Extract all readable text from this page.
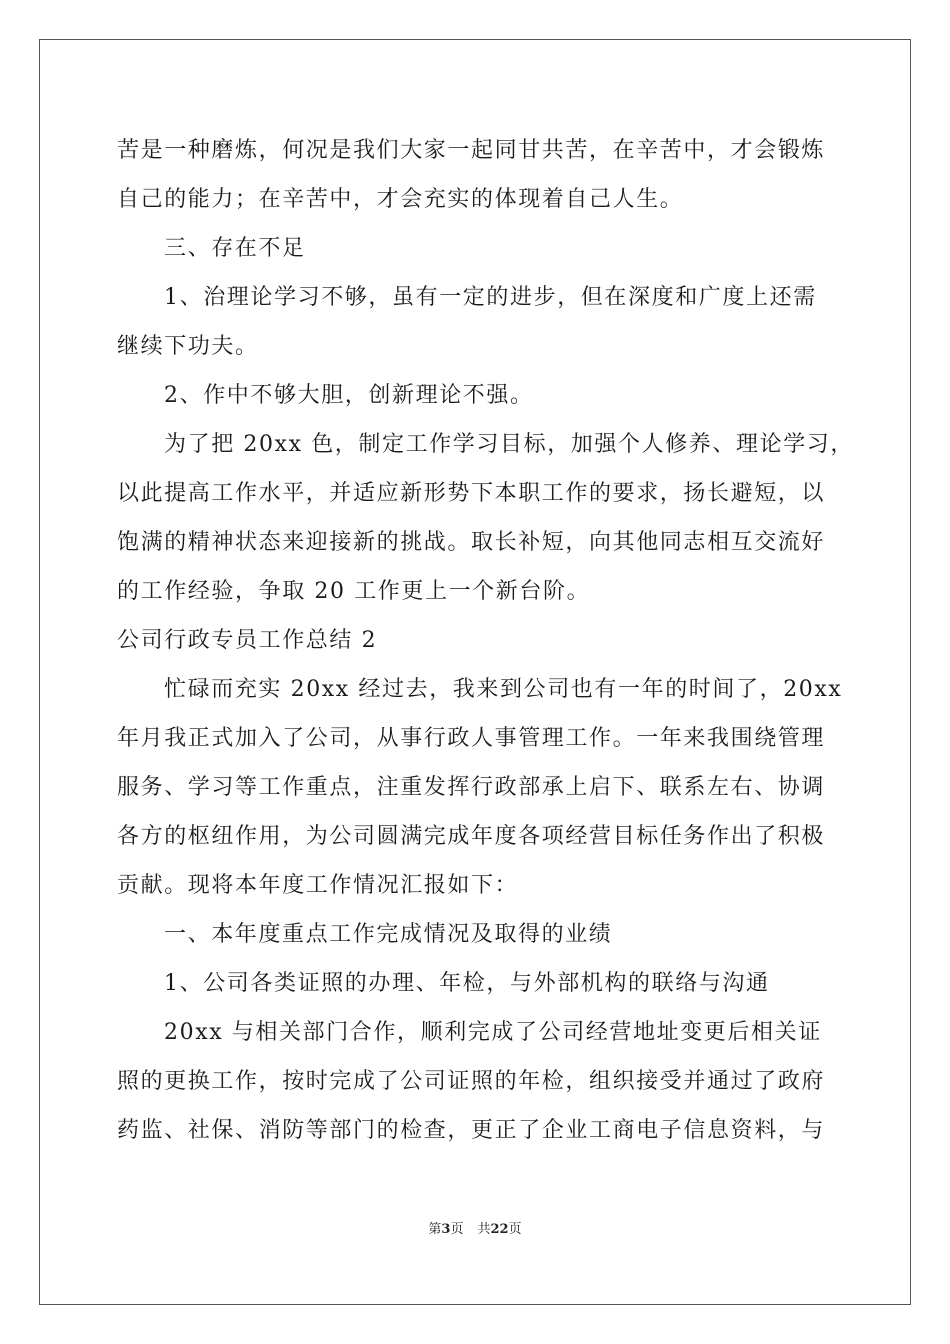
苦是一种磨炼，何况是我们大家一起同甘共苦，在辛苦中，才会锻炼
自己的能力；在辛苦中，才会充实的体现着自己人生。
三、存在不足
1、治理论学习不够，虽有一定的进步，但在深度和广度上还需
继续下功夫。
2、作中不够大胆，创新理论不强。
为了把 20xx 色，制定工作学习目标，加强个人修养、理论学习，
以此提高工作水平，并适应新形势下本职工作的要求，扬长避短，以
饱满的精神状态来迎接新的挑战。取长补短，向其他同志相互交流好
的工作经验，争取 20 工作更上一个新台阶。
公司行政专员工作总结 2
忙碌而充实 20xx 经过去，我来到公司也有一年的时间了，20xx
年月我正式加入了公司，从事行政人事管理工作。一年来我围绕管理
服务、学习等工作重点，注重发挥行政部承上启下、联系左右、协调
各方的枢纽作用，为公司圆满完成年度各项经营目标任务作出了积极
贡献。现将本年度工作情况汇报如下：
一、本年度重点工作完成情况及取得的业绩
1、公司各类证照的办理、年检，与外部机构的联络与沟通
20xx 与相关部门合作，顺利完成了公司经营地址变更后相关证
照的更换工作，按时完成了公司证照的年检，组织接受并通过了政府
药监、社保、消防等部门的检查，更正了企业工商电子信息资料，与
第3页 共22页
